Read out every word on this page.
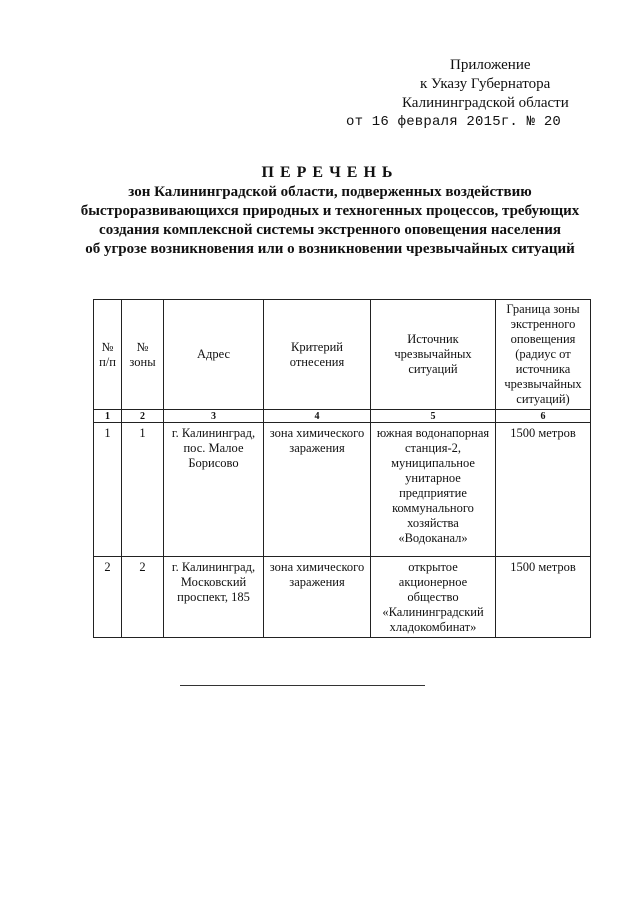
Приложение
к Указу Губернатора
Калининградской области
от 16 февраля 2015г. № 20
ПЕРЕЧЕНЬ
зон Калининградской области, подверженных воздействию
быстроразвивающихся природных и техногенных процессов, требующих
создания комплексной системы экстренного оповещения населения
об угрозе возникновения или о возникновении чрезвычайных ситуаций
№ п/п	№ зоны	Адрес	Критерий отнесения	Источник чрезвычайных ситуаций	Граница зоны экстренного оповещения (радиус от источника чрезвычайных ситуаций)
1	2	3	4	5	6
1	1	г. Калининград, пос. Малое Борисово	зона химического заражения	южная водонапорная станция-2, муниципальное унитарное предприятие коммунального хозяйства «Водоканал»	1500 метров
2	2	г. Калининград, Московский проспект, 185	зона химического заражения	открытое акционерное общество «Калининградский хладокомбинат»	1500 метров
